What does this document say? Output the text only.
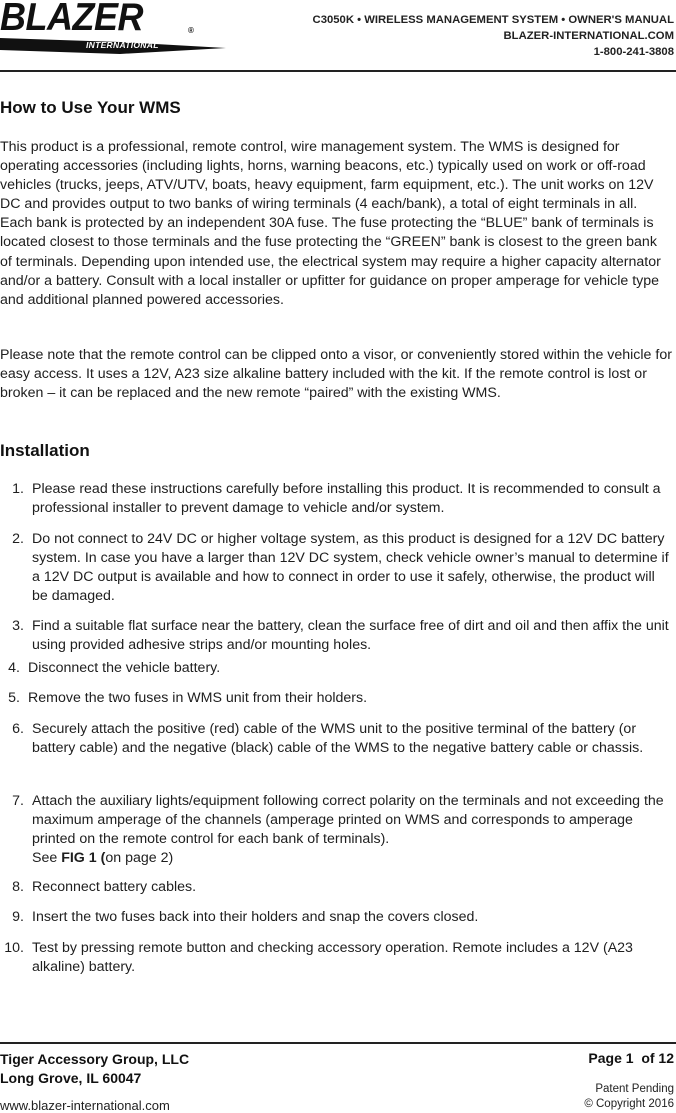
BLAZER	®
INTERNATIONAL
C3050K • WIRELESS MANAGEMENT SYSTEM • OWNER'S MANUAL
BLAZER-INTERNATIONAL.COM
1-800-241-3808
How to Use Your WMS

This product is a professional, remote control, wire management system. The WMS is designed for operating accessories (including lights, horns, warning beacons, etc.) typically used on work or off-road vehicles (trucks, jeeps, ATV/UTV, boats, heavy equipment, farm equipment, etc.). The unit works on 12V DC and provides output to two banks of wiring terminals (4 each/bank), a total of eight terminals in all. Each bank is protected by an independent 30A fuse. The fuse protecting the “BLUE” bank of terminals is located closest to those terminals and the fuse protecting the “GREEN” bank is closest to the green bank of terminals. Depending upon intended use, the electrical system may require a higher capacity alternator and/or a battery. Consult with a local installer or upfitter for guidance on proper amperage for vehicle type and additional planned powered accessories.

Please note that the remote control can be clipped onto a visor, or conveniently stored within the vehicle for easy access. It uses a 12V, A23 size alkaline battery included with the kit. If the remote control is lost or broken – it can be replaced and the new remote “paired” with the existing WMS.

Installation
1. Please read these instructions carefully before installing this product. It is recommended to consult a professional installer to prevent damage to vehicle and/or system.
2. Do not connect to 24V DC or higher voltage system, as this product is designed for a 12V DC battery system. In case you have a larger than 12V DC system, check vehicle owner’s manual to determine if a 12V DC output is available and how to connect in order to use it safely, otherwise, the product will be damaged.
3. Find a suitable flat surface near the battery, clean the surface free of dirt and oil and then affix the unit using provided adhesive strips and/or mounting holes.
4. Disconnect the vehicle battery.
5. Remove the two fuses in WMS unit from their holders.
6. Securely attach the positive (red) cable of the WMS unit to the positive terminal of the battery (or battery cable) and the negative (black) cable of the WMS to the negative battery cable or chassis.
7. Attach the auxiliary lights/equipment following correct polarity on the terminals and not exceeding the maximum amperage of the channels (amperage printed on WMS and corresponds to amperage printed on the remote control for each bank of terminals).
See FIG 1 (on page 2)
8. Reconnect battery cables.
9. Insert the two fuses back into their holders and snap the covers closed.
10. Test by pressing remote button and checking accessory operation. Remote includes a 12V (A23 alkaline) battery.
Tiger Accessory Group, LLC
Long Grove, IL 60047
www.blazer-international.com
Page 1  of 12
Patent Pending
© Copyright 2016
